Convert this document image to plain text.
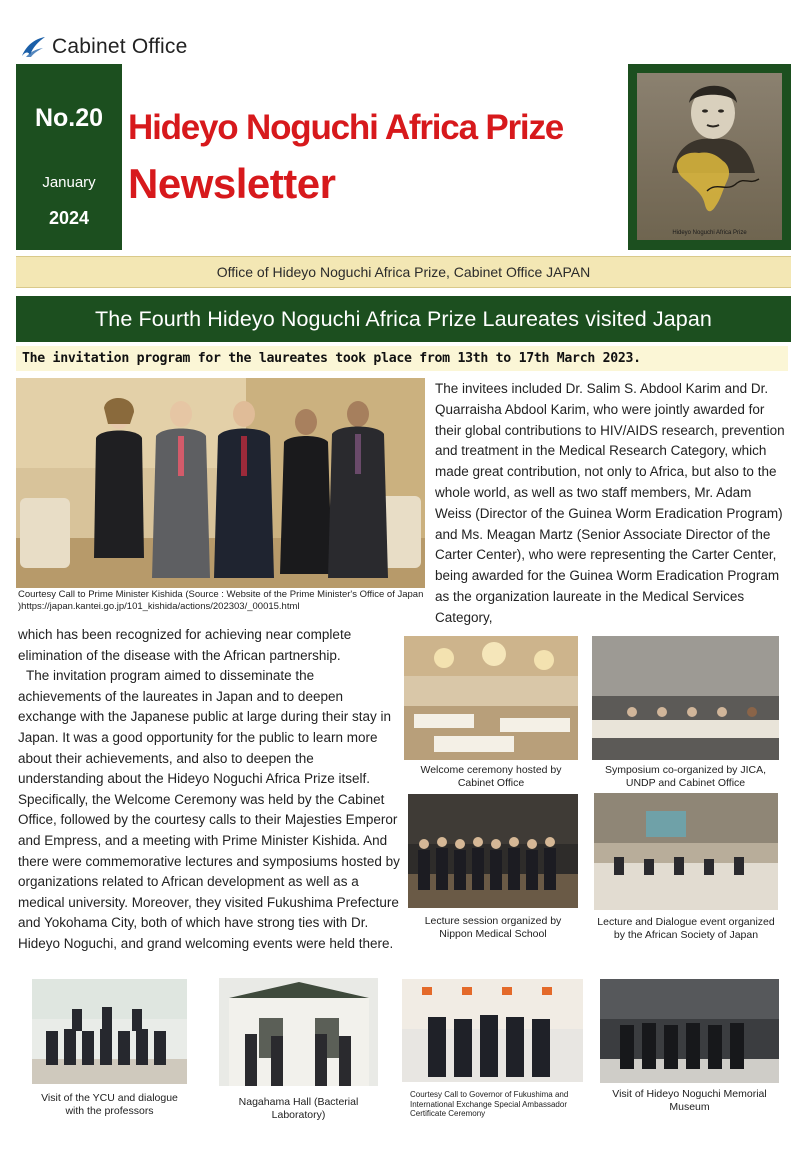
Cabinet Office
No.20
January
2024
Hideyo Noguchi Africa Prize
Newsletter
Hideyo Noguchi Africa Prize
Office of Hideyo Noguchi Africa Prize, Cabinet Office JAPAN
The Fourth Hideyo Noguchi Africa Prize Laureates visited Japan
The invitation program for the laureates took place from 13th to 17th March 2023.
Courtesy Call to Prime Minister Kishida (Source : Website of the Prime Minister's Office of Japan )https://japan.kantei.go.jp/101_kishida/actions/202303/_00015.html
The invitees included Dr. Salim S. Abdool Karim and Dr. Quarraisha Abdool Karim, who were jointly awarded for their global contributions to HIV/AIDS research, prevention and treatment in the Medical Research Category, which made great contribution, not only to Africa, but also to the whole world, as well as two staff members, Mr. Adam Weiss (Director of the Guinea Worm Eradication Program) and Ms. Meagan Martz (Senior Associate Director of the Carter Center), who were representing the Carter Center, being awarded for the Guinea Worm Eradication Program as the organization laureate in the Medical Services Category,

which has been recognized for achieving near complete elimination of the disease with the African partnership.

The invitation program aimed to disseminate the achievements of the laureates in Japan and to deepen exchange with the Japanese public at large during their stay in Japan. It was a good opportunity for the public to learn more about their achievements, and also to deepen the understanding about the Hideyo Noguchi Africa Prize itself. Specifically, the Welcome Ceremony was held by the Cabinet Office, followed by the courtesy calls to their Majesties Emperor and Empress, and a meeting with Prime Minister Kishida. And there were commemorative lectures and symposiums hosted by organizations related to African development as well as a medical university. Moreover, they visited Fukushima Prefecture and Yokohama City, both of which have strong ties with Dr. Hideyo Noguchi, and grand welcoming events were held there.

Welcome ceremony hosted by Cabinet Office
Symposium co-organized by JICA, UNDP and Cabinet Office
Lecture session organized by Nippon Medical School
Lecture and Dialogue event organized by the African Society of Japan
Visit of the YCU and dialogue with the professors
Nagahama Hall (Bacterial Laboratory)
Courtesy Call to Governor of Fukushima and International Exchange Special Ambassador Certificate Ceremony
Visit of Hideyo Noguchi Memorial Museum
